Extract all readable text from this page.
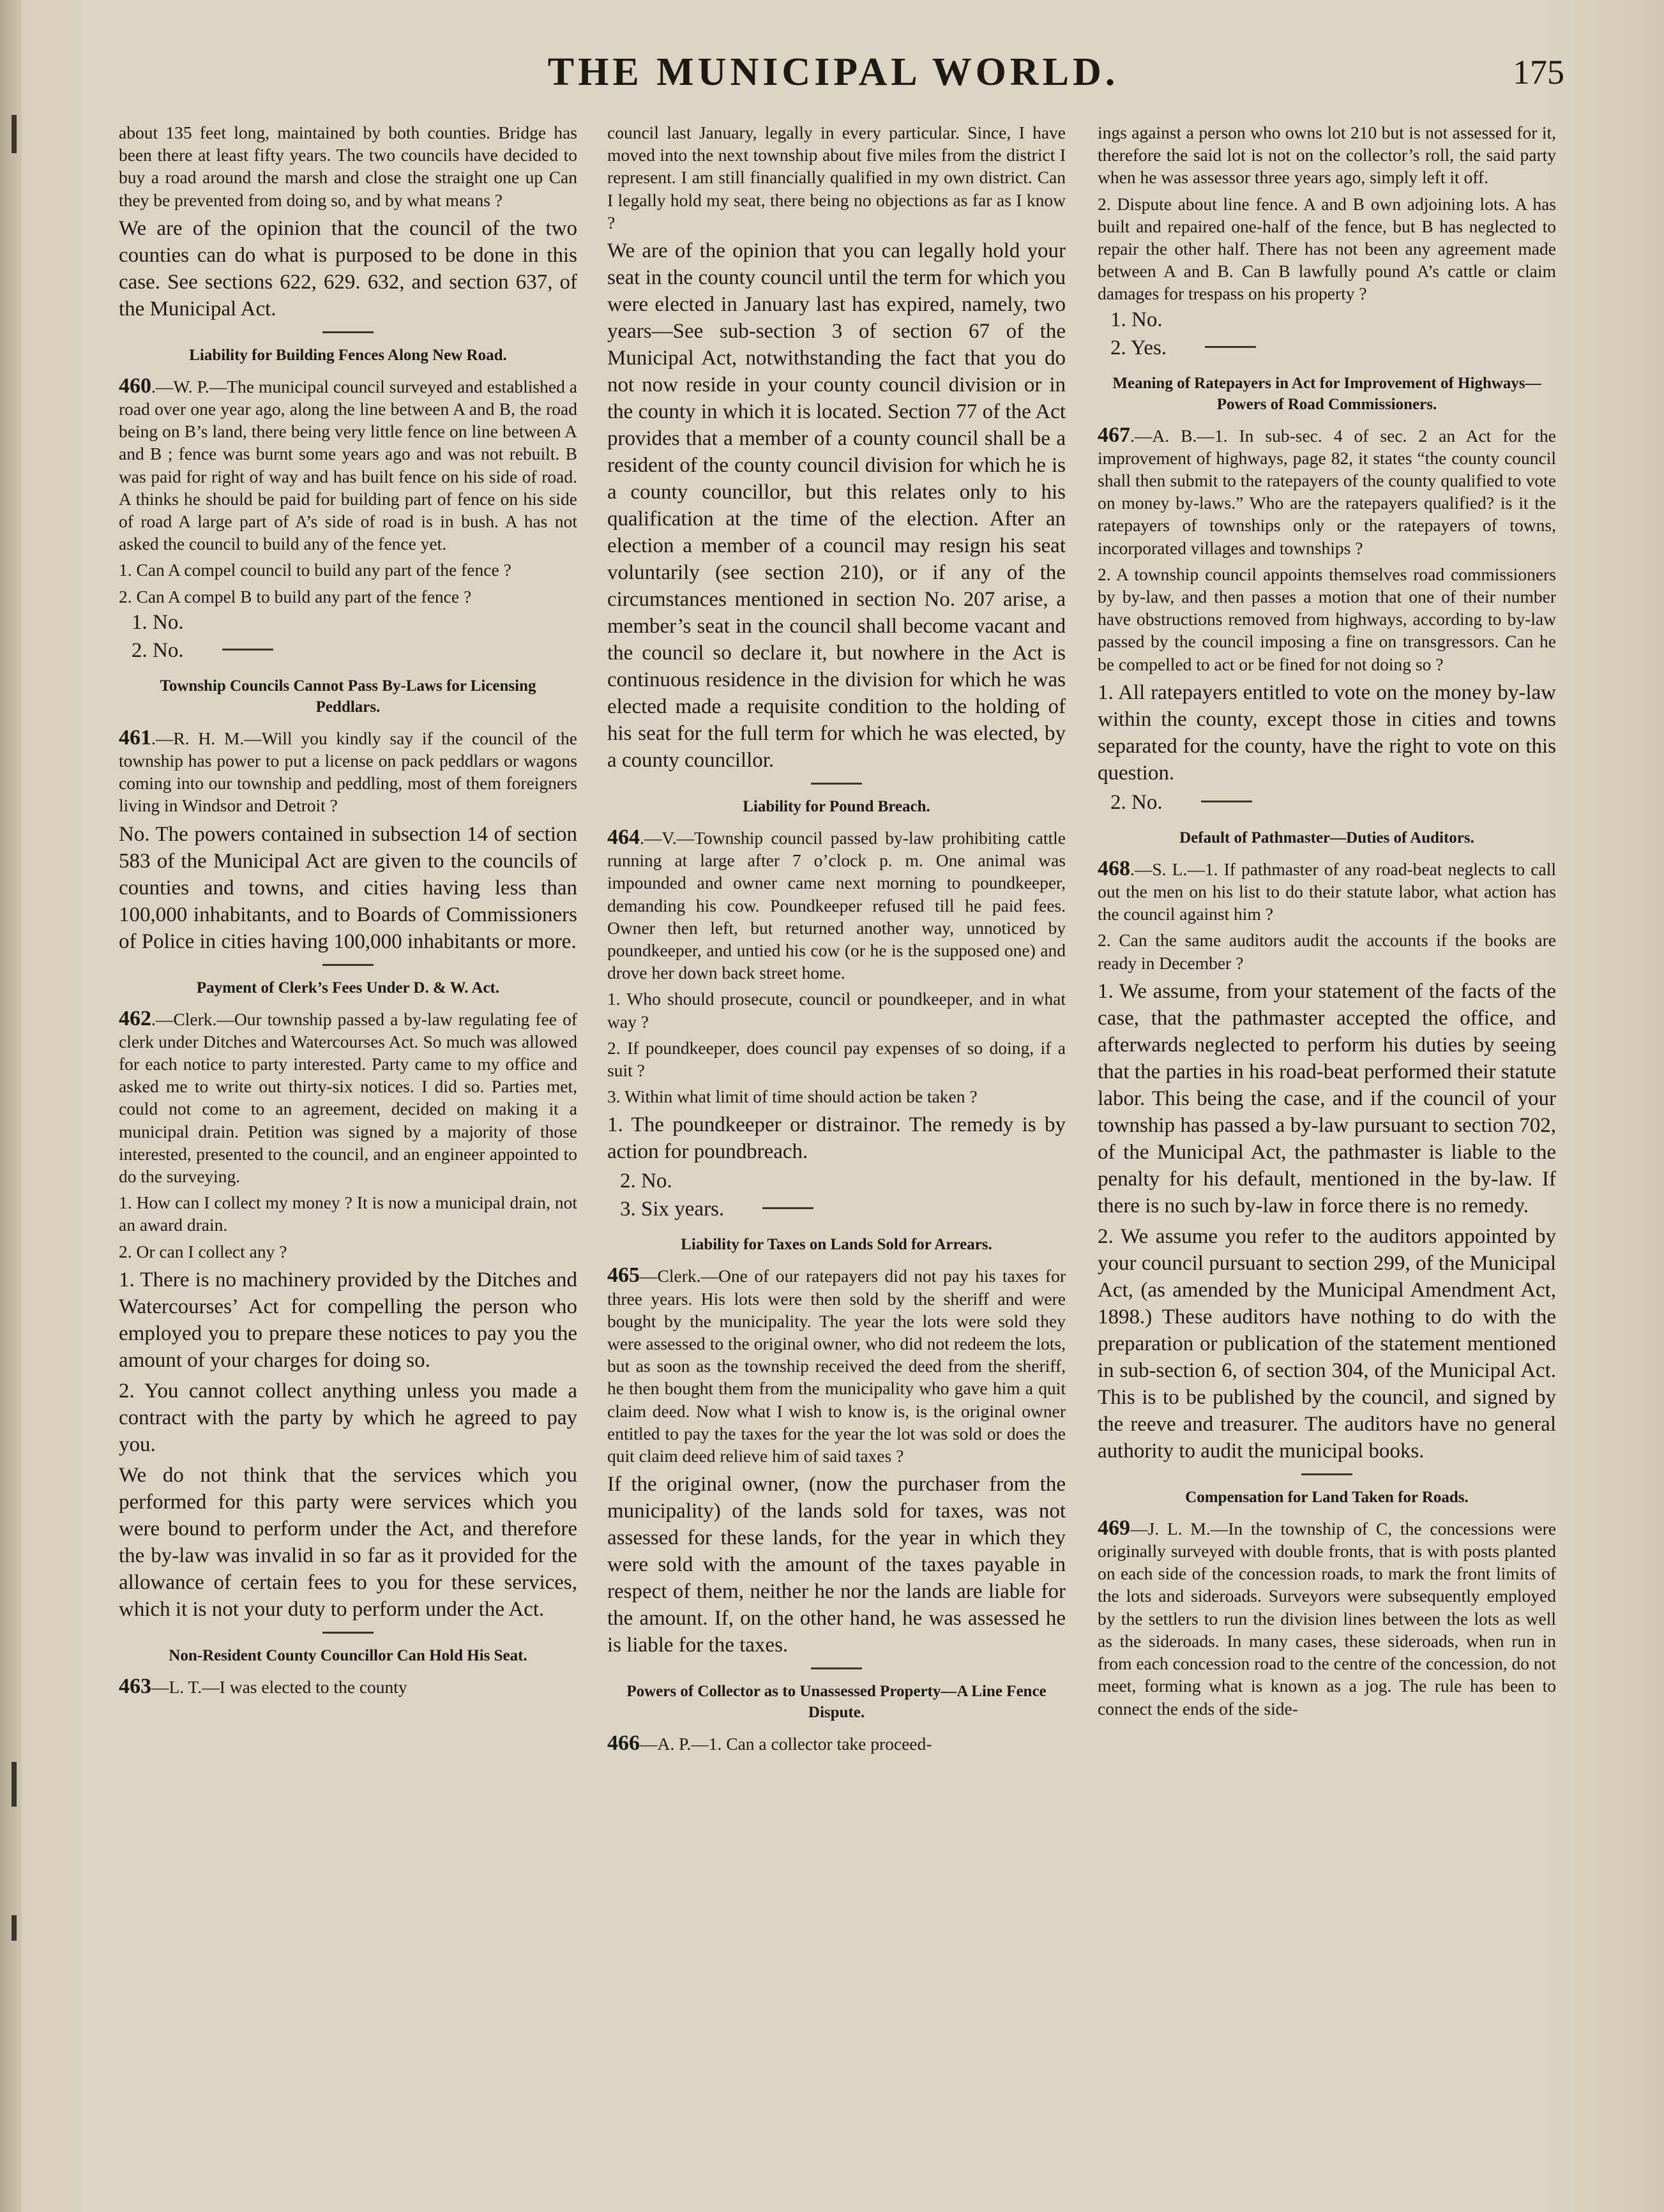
THE MUNICIPAL WORLD.	175

about 135 feet long, maintained by both counties. Bridge has been there at least fifty years. The two councils have decided to buy a road around the marsh and close the straight one up Can they be prevented from doing so, and by what means ?

We are of the opinion that the council of the two counties can do what is purposed to be done in this case. See sections 622, 629. 632, and section 637, of the Municipal Act.

Liability for Building Fences Along New Road.

460.—W. P.—The municipal council surveyed and established a road over one year ago, along the line between A and B, the road being on B’s land, there being very little fence on line between A and B ; fence was burnt some years ago and was not rebuilt. B was paid for right of way and has built fence on his side of road. A thinks he should be paid for building part of fence on his side of road A large part of A’s side of road is in bush. A has not asked the council to build any of the fence yet.

1. Can A compel council to build any part of the fence ?

2. Can A compel B to build any part of the fence ?

1. No.

2. No.

Township Councils Cannot Pass By-Laws for Licensing Peddlars.

461.—R. H. M.—Will you kindly say if the council of the township has power to put a license on pack peddlars or wagons coming into our township and peddling, most of them foreigners living in Windsor and Detroit ?

No. The powers contained in subsection 14 of section 583 of the Municipal Act are given to the councils of counties and towns, and cities having less than 100,000 inhabitants, and to Boards of Commissioners of Police in cities having 100,000 inhabitants or more.

Payment of Clerk’s Fees Under D. & W. Act.

462.—Clerk.—Our township passed a by-law regulating fee of clerk under Ditches and Watercourses Act. So much was allowed for each notice to party interested. Party came to my office and asked me to write out thirty-six notices. I did so. Parties met, could not come to an agreement, decided on making it a municipal drain. Petition was signed by a majority of those interested, presented to the council, and an engineer appointed to do the surveying.

1. How can I collect my money ? It is now a municipal drain, not an award drain.

2. Or can I collect any ?

1. There is no machinery provided by the Ditches and Watercourses’ Act for compelling the person who employed you to prepare these notices to pay you the amount of your charges for doing so.

2. You cannot collect anything unless you made a contract with the party by which he agreed to pay you.

We do not think that the services which you performed for this party were services which you were bound to perform under the Act, and therefore the by-law was invalid in so far as it provided for the allowance of certain fees to you for these services, which it is not your duty to perform under the Act.

Non-Resident County Councillor Can Hold His Seat.

463—L. T.—I was elected to the county

council last January, legally in every particular. Since, I have moved into the next township about five miles from the district I represent. I am still financially qualified in my own district. Can I legally hold my seat, there being no objections as far as I know ?

We are of the opinion that you can legally hold your seat in the county council until the term for which you were elected in January last has expired, namely, two years—See sub-section 3 of section 67 of the Municipal Act, notwithstanding the fact that you do not now reside in your county council division or in the county in which it is located. Section 77 of the Act provides that a member of a county council shall be a resident of the county council division for which he is a county councillor, but this relates only to his qualification at the time of the election. After an election a member of a council may resign his seat voluntarily (see section 210), or if any of the circumstances mentioned in section No. 207 arise, a member’s seat in the council shall become vacant and the council so declare it, but nowhere in the Act is continuous residence in the division for which he was elected made a requisite condition to the holding of his seat for the full term for which he was elected, by a county councillor.

Liability for Pound Breach.

464.—V.—Township council passed by-law prohibiting cattle running at large after 7 o’clock p. m. One animal was impounded and owner came next morning to poundkeeper, demanding his cow. Poundkeeper refused till he paid fees. Owner then left, but returned another way, unnoticed by poundkeeper, and untied his cow (or he is the supposed one) and drove her down back street home.

1. Who should prosecute, council or poundkeeper, and in what way ?

2. If poundkeeper, does council pay expenses of so doing, if a suit ?

3. Within what limit of time should action be taken ?

1. The poundkeeper or distrainor. The remedy is by action for poundbreach.

2. No.

3. Six years.

Liability for Taxes on Lands Sold for Arrears.

465—Clerk.—One of our ratepayers did not pay his taxes for three years. His lots were then sold by the sheriff and were bought by the municipality. The year the lots were sold they were assessed to the original owner, who did not redeem the lots, but as soon as the township received the deed from the sheriff, he then bought them from the municipality who gave him a quit claim deed. Now what I wish to know is, is the original owner entitled to pay the taxes for the year the lot was sold or does the quit claim deed relieve him of said taxes ?

If the original owner, (now the purchaser from the municipality) of the lands sold for taxes, was not assessed for these lands, for the year in which they were sold with the amount of the taxes payable in respect of them, neither he nor the lands are liable for the amount. If, on the other hand, he was assessed he is liable for the taxes.

Powers of Collector as to Unassessed Property—A Line Fence Dispute.

466—A. P.—1. Can a collector take proceed-

ings against a person who owns lot 210 but is not assessed for it, therefore the said lot is not on the collector’s roll, the said party when he was assessor three years ago, simply left it off.

2. Dispute about line fence. A and B own adjoining lots. A has built and repaired one-half of the fence, but B has neglected to repair the other half. There has not been any agreement made between A and B. Can B lawfully pound A’s cattle or claim damages for trespass on his property ?

1. No.

2. Yes.

Meaning of Ratepayers in Act for Improvement of Highways—Powers of Road Commissioners.

467.—A. B.—1. In sub-sec. 4 of sec. 2 an Act for the improvement of highways, page 82, it states “the county council shall then submit to the ratepayers of the county qualified to vote on money by-laws.” Who are the ratepayers qualified? is it the ratepayers of townships only or the ratepayers of towns, incorporated villages and townships ?

2. A township council appoints themselves road commissioners by by-law, and then passes a motion that one of their number have obstructions removed from highways, according to by-law passed by the council imposing a fine on transgressors. Can he be compelled to act or be fined for not doing so ?

1. All ratepayers entitled to vote on the money by-law within the county, except those in cities and towns separated for the county, have the right to vote on this question.

2. No.

Default of Pathmaster—Duties of Auditors.

468.—S. L.—1. If pathmaster of any road-beat neglects to call out the men on his list to do their statute labor, what action has the council against him ?

2. Can the same auditors audit the accounts if the books are ready in December ?

1. We assume, from your statement of the facts of the case, that the pathmaster accepted the office, and afterwards neglected to perform his duties by seeing that the parties in his road-beat performed their statute labor. This being the case, and if the council of your township has passed a by-law pursuant to section 702, of the Municipal Act, the pathmaster is liable to the penalty for his default, mentioned in the by-law. If there is no such by-law in force there is no remedy.

2. We assume you refer to the auditors appointed by your council pursuant to section 299, of the Municipal Act, (as amended by the Municipal Amendment Act, 1898.) These auditors have nothing to do with the preparation or publication of the statement mentioned in sub-section 6, of section 304, of the Municipal Act. This is to be published by the council, and signed by the reeve and treasurer. The auditors have no general authority to audit the municipal books.

Compensation for Land Taken for Roads.

469—J. L. M.—In the township of C, the concessions were originally surveyed with double fronts, that is with posts planted on each side of the concession roads, to mark the front limits of the lots and sideroads. Surveyors were subsequently employed by the settlers to run the division lines between the lots as well as the sideroads. In many cases, these sideroads, when run in from each concession road to the centre of the concession, do not meet, forming what is known as a jog. The rule has been to connect the ends of the side-
